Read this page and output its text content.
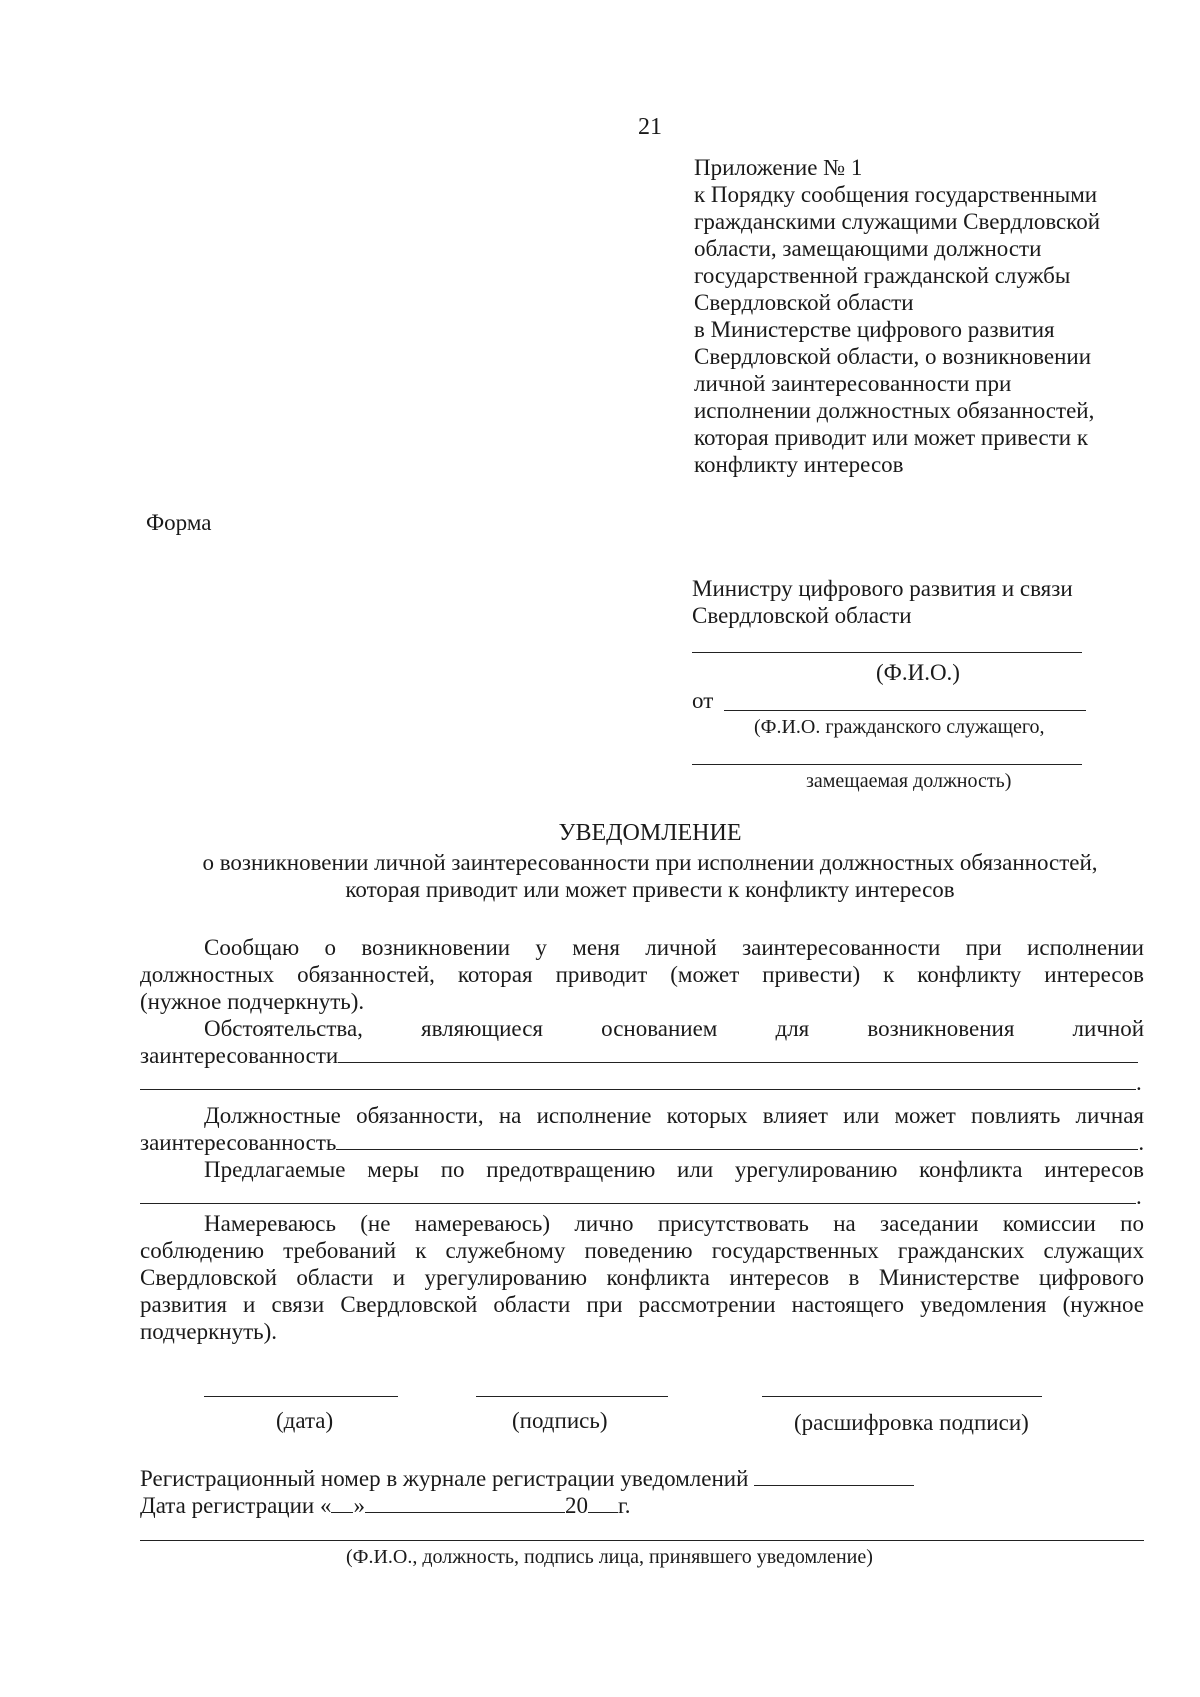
21
Приложение № 1
к Порядку сообщения государственными
гражданскими служащими Свердловской
области, замещающими должности
государственной гражданской службы
Свердловской области
в Министерстве цифрового развития
Свердловской области, о возникновении
личной заинтересованности при
исполнении должностных обязанностей,
которая приводит или может привести к
конфликту интересов
Форма
Министру цифрового развития и связи
Свердловской области
(Ф.И.О.)
от
(Ф.И.О. гражданского служащего,
замещаемая должность)
УВЕДОМЛЕНИЕ
о возникновении личной заинтересованности при исполнении должностных обязанностей,
которая приводит или может привести к конфликту интересов
Сообщаю о возникновении у меня личной заинтересованности при исполнении
должностных обязанностей, которая приводит (может привести) к конфликту интересов
(нужное подчеркнуть).
Обстоятельства, являющиеся основанием для возникновения личной
заинтересованности
.
Должностные обязанности, на исполнение которых влияет или может повлиять личная
заинтересованность	.
Предлагаемые меры по предотвращению или урегулированию конфликта интересов
.
Намереваюсь (не намереваюсь) лично присутствовать на заседании комиссии по
соблюдению требований к служебному поведению государственных гражданских служащих
Свердловской области и урегулированию конфликта интересов в Министерстве цифрового
развития и связи Свердловской области при рассмотрении настоящего уведомления (нужное
подчеркнуть).
(дата)	(подпись)	(расшифровка подписи)
Регистрационный номер в журнале регистрации уведомлений
Дата регистрации « »	20 г.
(Ф.И.О., должность, подпись лица, принявшего уведомление)
